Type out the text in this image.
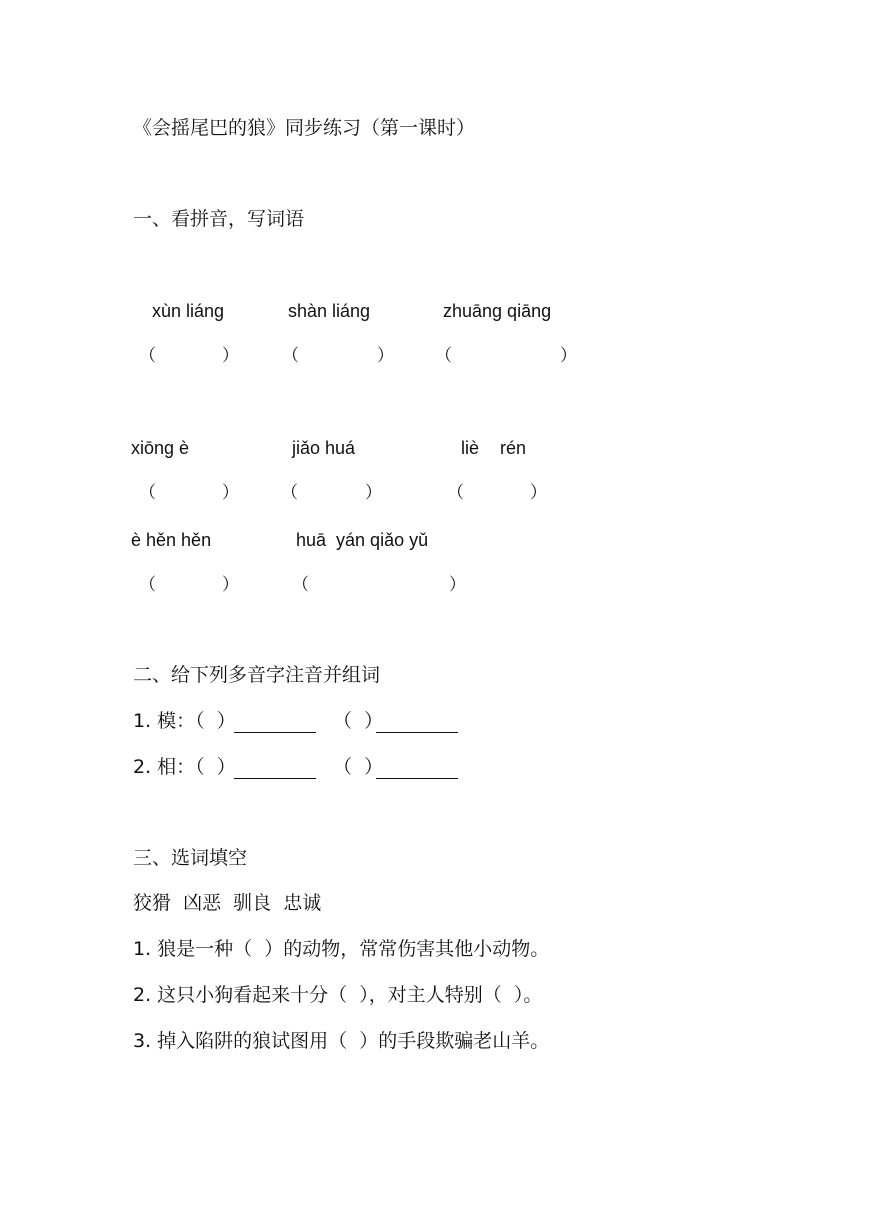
《会摇尾巴的狼》同步练习（第一课时）
一、看拼音，写词语
xùn liáng	shàn liáng	zhuāng qiāng
（	）	（	） （	）
xiōng è	jiǎo huá	liè rén
（	） （	）	（	）
è hěn hěn	huā  yán qiǎo yǔ
（	）	（	）
二、给下列多音字注音并组词
1. 模：（  ）	（  ）
2. 相：（  ）	（  ）
三、选词填空
狡猾  凶恶  驯良  忠诚
1. 狼是一种（  ）的动物，常常伤害其他小动物。
2. 这只小狗看起来十分（  ），对主人特别（  ）。
3. 掉入陷阱的狼试图用（  ）的手段欺骗老山羊。
